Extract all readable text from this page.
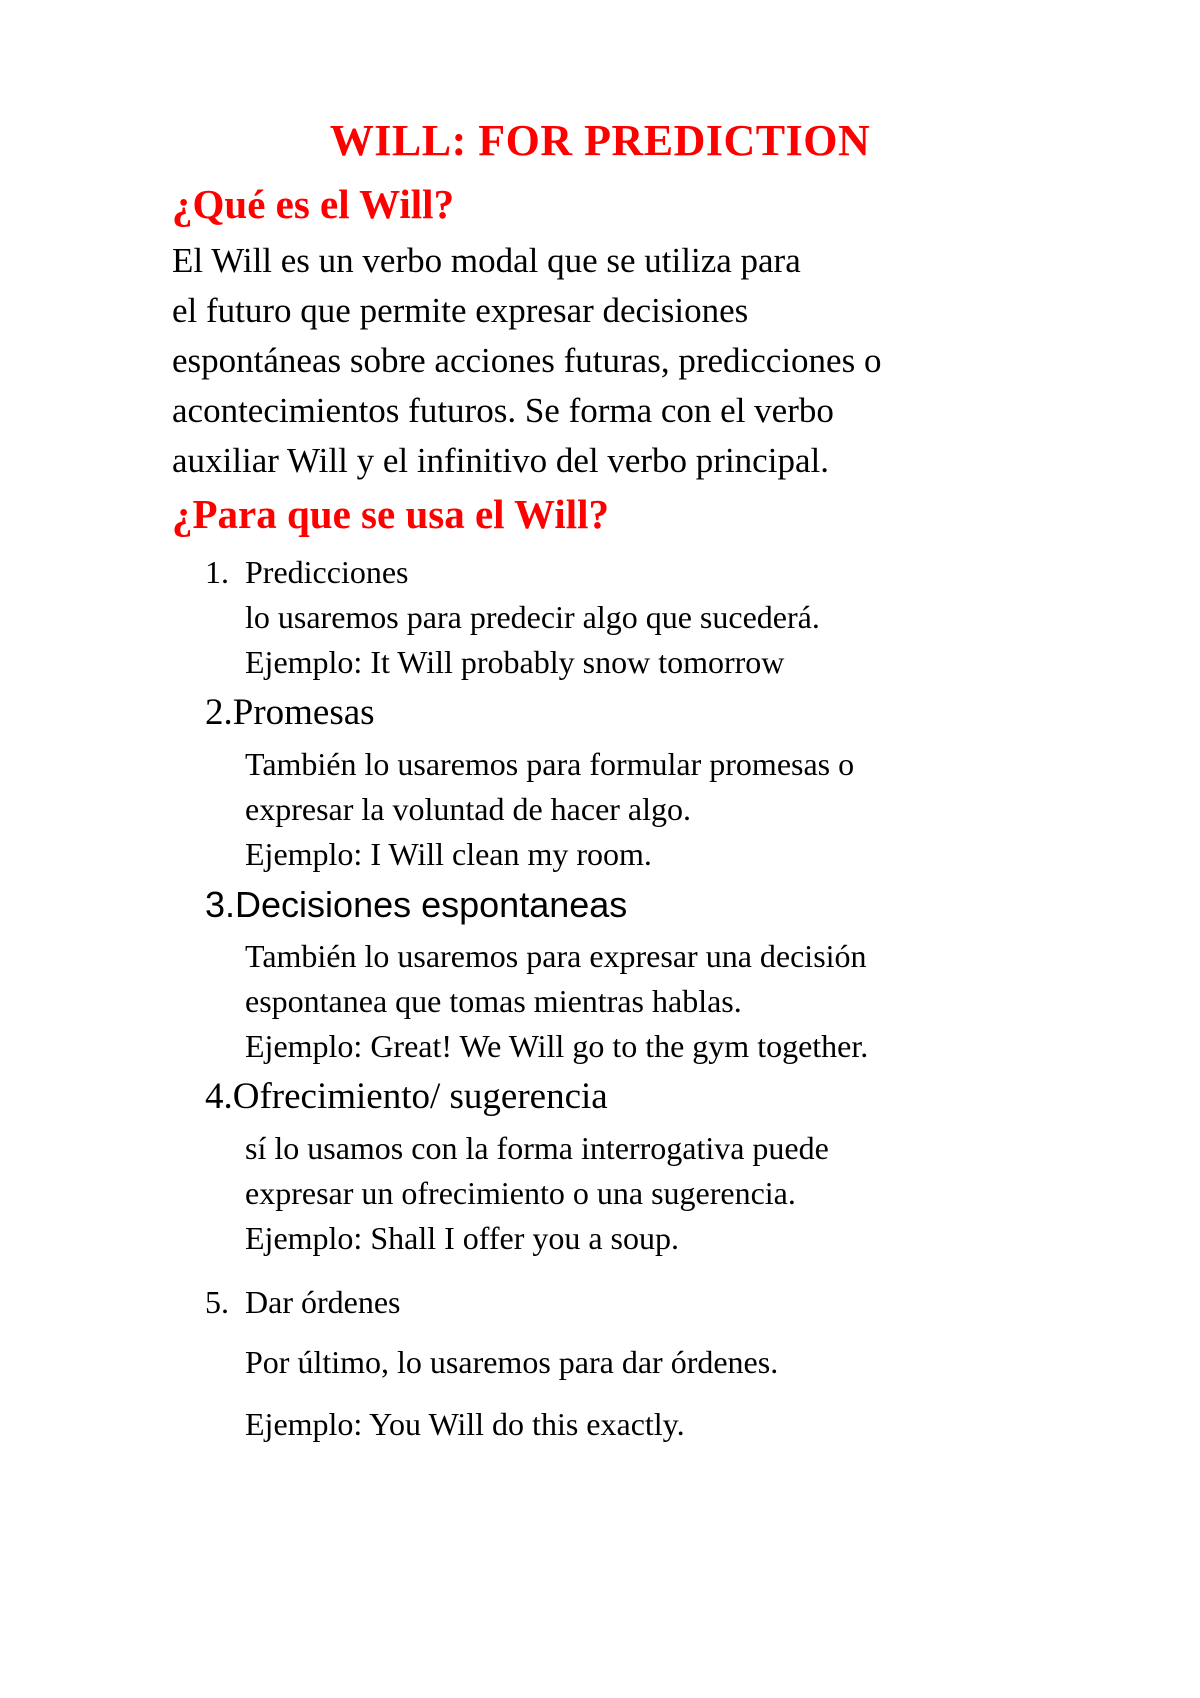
WILL: FOR PREDICTION
¿Qué es el Will?
El Will es un verbo modal que se utiliza para
el futuro que permite expresar decisiones
espontáneas sobre acciones futuras, predicciones o
acontecimientos futuros. Se forma con el verbo
auxiliar Will y el infinitivo del verbo principal.
¿Para que se usa el Will?
1. Predicciones
lo usaremos para predecir algo que sucederá.
Ejemplo: It Will probably snow tomorrow
2.Promesas
También lo usaremos para formular promesas o
expresar la voluntad de hacer algo.
Ejemplo: I Will clean my room.
3.Decisiones espontaneas
También lo usaremos para expresar una decisión
espontanea que tomas mientras hablas.
Ejemplo: Great! We Will go to the gym together.
4.Ofrecimiento/ sugerencia
sí lo usamos con la forma interrogativa puede
expresar un ofrecimiento o una sugerencia.
Ejemplo: Shall I offer you a soup.
5. Dar órdenes
Por último, lo usaremos para dar órdenes.
Ejemplo: You Will do this exactly.
